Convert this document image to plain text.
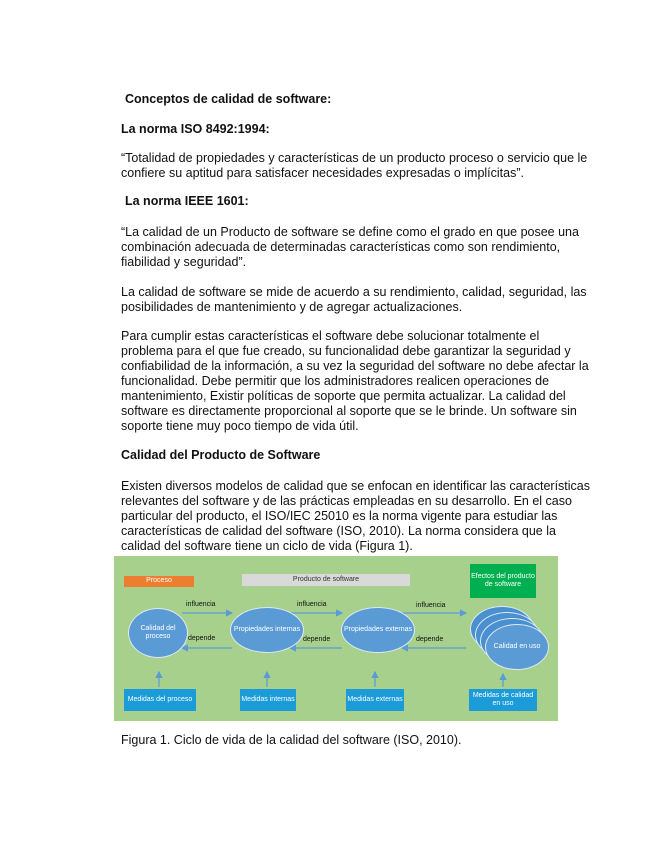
Conceptos de calidad de software:

La norma ISO 8492:1994:

“Totalidad de propiedades y características de un producto proceso o servicio que le confiere su aptitud para satisfacer necesidades expresadas o implícitas”.

La norma IEEE 1601:

“La calidad de un Producto de software se define como el grado en que posee una combinación adecuada de determinadas características como son rendimiento, fiabilidad y seguridad”.

La calidad de software se mide de acuerdo a su rendimiento, calidad, seguridad, las posibilidades de mantenimiento y de agregar actualizaciones.

Para cumplir estas características el software debe solucionar totalmente el problema para el que fue creado, su funcionalidad debe garantizar la seguridad y confiabilidad de la información, a su vez la seguridad del software no debe afectar la funcionalidad. Debe permitir que los administradores realicen operaciones de mantenimiento, Existir políticas de soporte que permita actualizar. La calidad del software es directamente proporcional al soporte que se le brinde. Un software sin soporte tiene muy poco tiempo de vida útil.

Calidad del Producto de Software

Existen diversos modelos de calidad que se enfocan en identificar las características relevantes del software y de las prácticas empleadas en su desarrollo. En el caso particular del producto, el ISO/IEC 25010 es la norma vigente para estudiar las características de calidad del software (ISO, 2010). La norma considera que la calidad del software tiene un ciclo de vida (Figura 1).

Proceso	Producto de software	Efectos del producto de software
Calidad del proceso
Propiedades internas	Propiedades externas
Calidad en uso
influencia	influencia	influencia
depende	depende	depende
Medidas del proceso	Medidas internas	Medidas externas
Medidas de calidad en uso
Figura 1. Ciclo de vida de la calidad del software (ISO, 2010).
